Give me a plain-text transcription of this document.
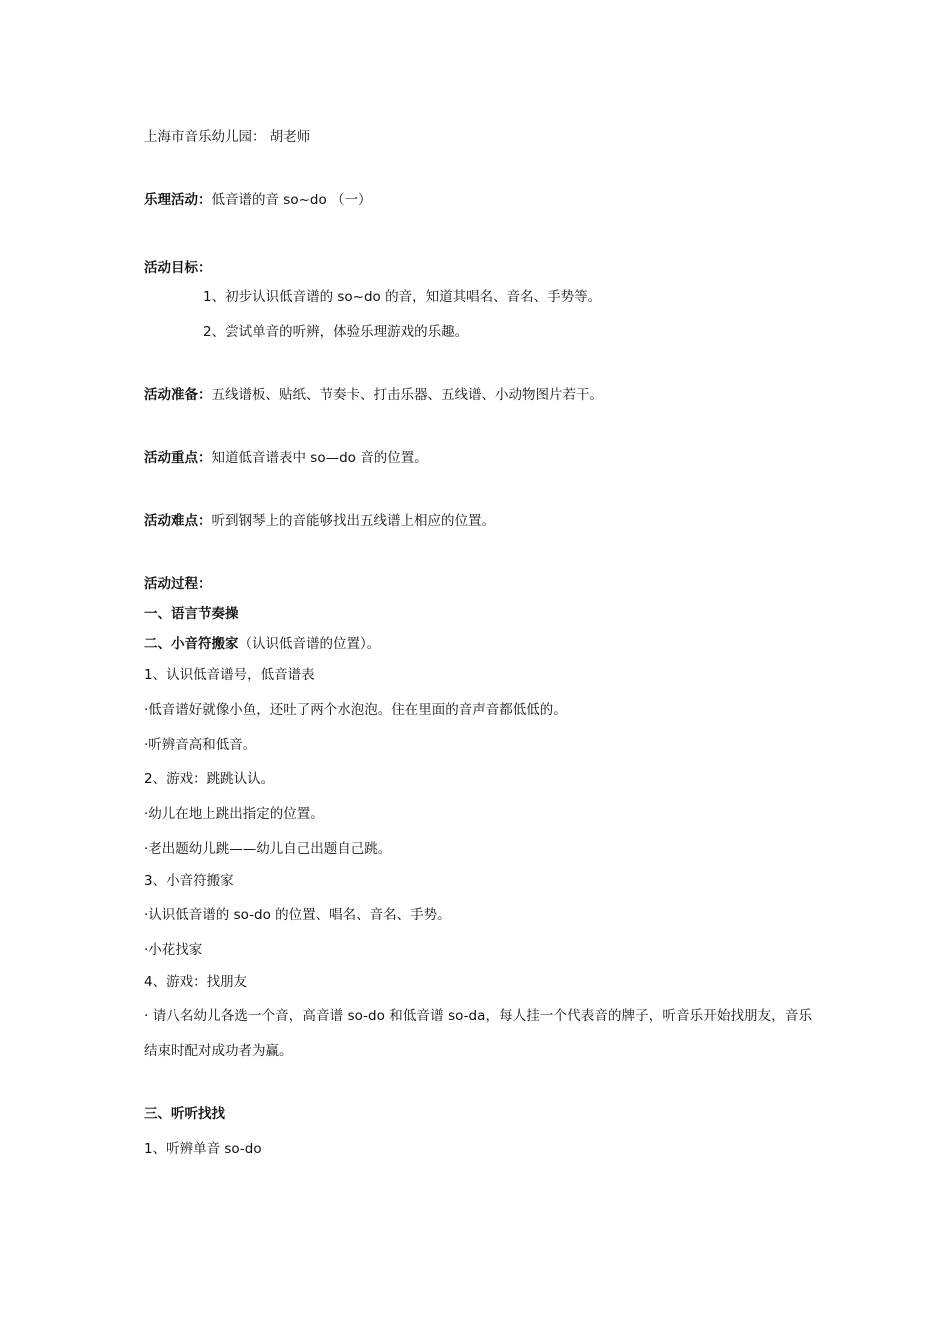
上海市音乐幼儿园： 胡老师
乐理活动：低音谱的音 so~do （一）
活动目标：
1、初步认识低音谱的 so~do 的音，知道其唱名、音名、手势等。
2、尝试单音的听辨，体验乐理游戏的乐趣。
活动准备：五线谱板、贴纸、节奏卡、打击乐器、五线谱、小动物图片若干。
活动重点：知道低音谱表中 so—do 音的位置。
活动难点：听到钢琴上的音能够找出五线谱上相应的位置。
活动过程：
一、语言节奏操
二、小音符搬家（认识低音谱的位置）。
1、认识低音谱号，低音谱表
·低音谱好就像小鱼，还吐了两个水泡泡。住在里面的音声音都低低的。
·听辨音高和低音。
2、游戏：跳跳认认。
·幼儿在地上跳出指定的位置。
·老出题幼儿跳——幼儿自己出题自己跳。
3、小音符搬家
·认识低音谱的 so-do 的位置、唱名、音名、手势。
·小花找家
4、游戏：找朋友
· 请八名幼儿各选一个音，高音谱 so-do 和低音谱 so-da，每人挂一个代表音的牌子，听音乐开始找朋友，音乐结束时配对成功者为赢。
三、听听找找
1、听辨单音 so-do
